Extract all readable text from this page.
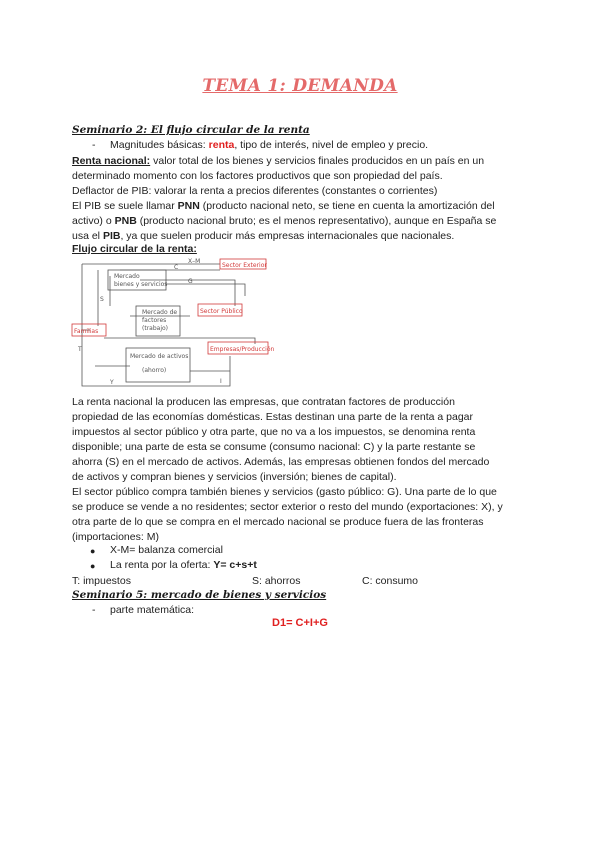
TEMA 1: DEMANDA
Seminario 2: El flujo circular de la renta
- Magnitudes básicas: renta, tipo de interés, nivel de empleo y precio.
Renta nacional: valor total de los bienes y servicios finales producidos en un país en un
determinado momento con los factores productivos que son propiedad del país.
Deflactor de PIB: valorar la renta a precios diferentes (constantes o corrientes)
El PIB se suele llamar PNN (producto nacional neto, se tiene en cuenta la amortización del
activo) o PNB (producto nacional bruto; es el menos representativo), aunque en España se
usa el PIB, ya que suelen producir más empresas internacionales que nacionales.
Flujo circular de la renta:
X–M
C
G
Mercado
bienes y servicios
Mercado de
factores
(trabajo)
Mercado de activos
(ahorro)
Sector Exterior
Familias
Sector Público
Empresas/Producción
S
T
Y	I
La renta nacional la producen las empresas, que contratan factores de producción
propiedad de las economías domésticas. Estas destinan una parte de la renta a pagar
impuestos al sector público y otra parte, que no va a los impuestos, se denomina renta
disponible; una parte de esta se consume (consumo nacional: C) y la parte restante se
ahorra (S) en el mercado de activos. Además, las empresas obtienen fondos del mercado
de activos y compran bienes y servicios (inversión; bienes de capital).
El sector público compra también bienes y servicios (gasto público: G). Una parte de lo que
se produce se vende a no residentes; sector exterior o resto del mundo (exportaciones: X), y
otra parte de lo que se compra en el mercado nacional se produce fuera de las fronteras
(importaciones: M)
● X-M= balanza comercial
● La renta por la oferta: Y= c+s+t
T: impuestos	S: ahorros	C: consumo
Seminario 5: mercado de bienes y servicios
- parte matemática:
D1= C+I+G
